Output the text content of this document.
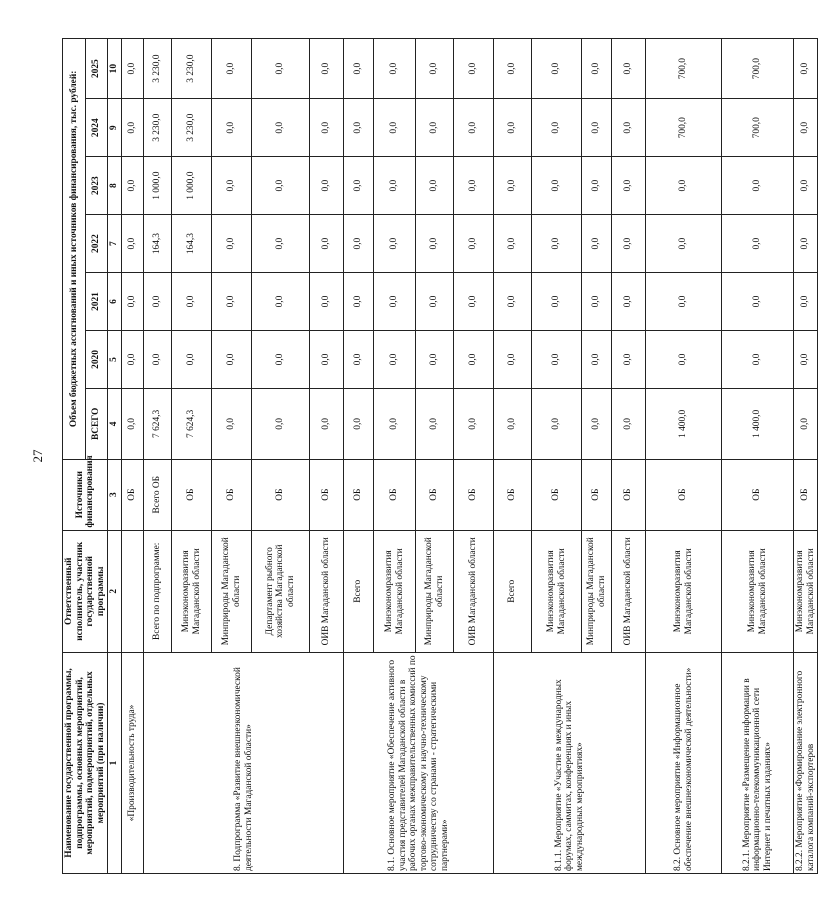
27
Наименование государственной программы, подпрограммы, основных мероприятий, мероприятий, подмероприятий, отдельных мероприятий (при наличии)	Ответственный исполнитель, участник государственной программы	Источники финансирования	Объем бюджетных ассигнований и иных источников финансирования, тыс. рублей:						
			ВСЕГО	2020	2021	2022	2023	2024	2025
1	2	3	4	5	6	7	8	9	10
«Производительность труда»		ОБ	0,0	0,0	0,0	0,0	0,0	0,0	0,0
8. Подпрограмма «Развитие внешнеэкономической деятельности Магаданской области»	Всего по подпрограмме:	Всего ОБ	7 624,3	0,0	0,0	164,3	1 000,0	3 230,0	3 230,0
	Минэкономразвития Магаданской области	ОБ	7 624,3	0,0	0,0	164,3	1 000,0	3 230,0	3 230,0
	Минприроды Магаданской области	ОБ	0,0	0,0	0,0	0,0	0,0	0,0	0,0
	Департамент рыбного хозяйства Магаданской области	ОБ	0,0	0,0	0,0	0,0	0,0	0,0	0,0
	ОИВ Магаданской области	ОБ	0,0	0,0	0,0	0,0	0,0	0,0	0,0
8.1. Основное мероприятие «Обеспечение активного участия представителей Магаданской области в рабочих органах межправительственных комиссий по торгово-экономическому и научно-техническому сотрудничеству со странами - стратегическими партнерами»	Всего	ОБ	0,0	0,0	0,0	0,0	0,0	0,0	0,0
	Минэкономразвития Магаданской области	ОБ	0,0	0,0	0,0	0,0	0,0	0,0	0,0
	Минприроды Магаданской области	ОБ	0,0	0,0	0,0	0,0	0,0	0,0	0,0
	ОИВ Магаданской области	ОБ	0,0	0,0	0,0	0,0	0,0	0,0	0,0
8.1.1. Мероприятие «Участие в международных форумах, саммитах, конференциях и иных международных мероприятиях»	Всего	ОБ	0,0	0,0	0,0	0,0	0,0	0,0	0,0
	Минэкономразвития Магаданской области	ОБ	0,0	0,0	0,0	0,0	0,0	0,0	0,0
	Минприроды Магаданской области	ОБ	0,0	0,0	0,0	0,0	0,0	0,0	0,0
	ОИВ Магаданской области	ОБ	0,0	0,0	0,0	0,0	0,0	0,0	0,0
8.2. Основное мероприятие «Информационное обеспечение внешнеэкономической деятельности»	Минэкономразвития Магаданской области	ОБ	1 400,0	0,0	0,0	0,0	0,0	700,0	700,0
8.2.1. Мероприятие «Размещение информации в информационно-телекоммуникационной сети Интернет и печатных изданиях»	Минэкономразвития Магаданской области	ОБ	1 400,0	0,0	0,0	0,0	0,0	700,0	700,0
8.2.2. Мероприятие «Формирование электронного каталога компаний-экспортеров	Минэкономразвития Магаданской области	ОБ	0,0	0,0	0,0	0,0	0,0	0,0	0,0
